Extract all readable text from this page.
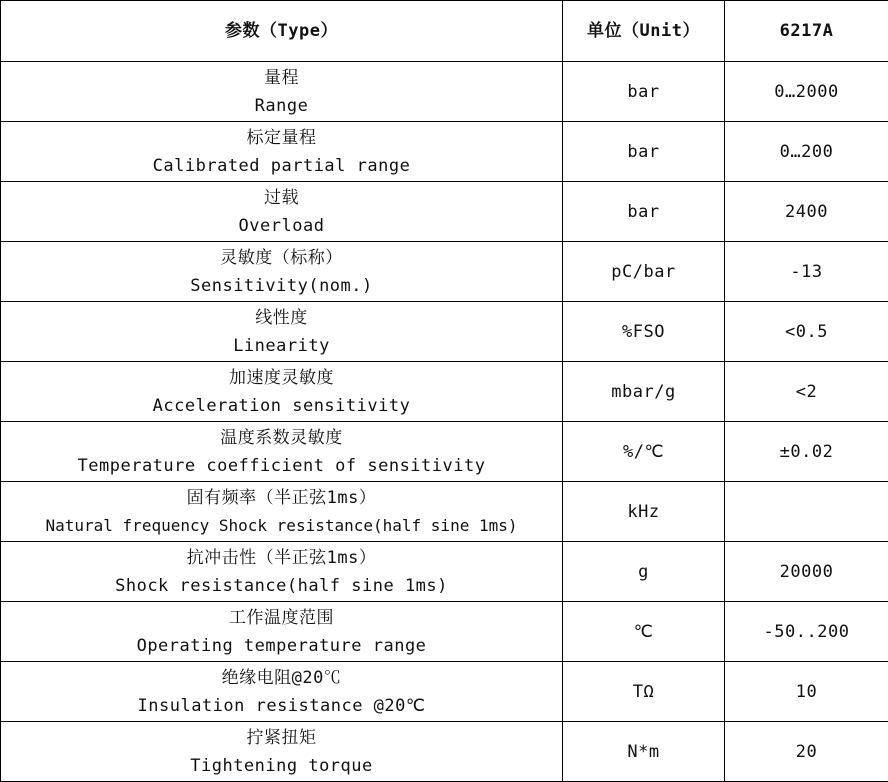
参数（Type）	单位（Unit）	6217A

量程
Range	bar	0…2000

标定量程
Calibrated partial range	bar	0…200

过载
Overload	bar	2400

灵敏度（标称）
Sensitivity(nom.)	pC/bar	-13

线性度
Linearity	%FSO	<0.5

加速度灵敏度
Acceleration sensitivity	mbar/g	<2

温度系数灵敏度
Temperature coefficient of sensitivity	%/℃	±0.02

固有频率（半正弦1ms）
Natural frequency Shock resistance(half sine 1ms)	kHz	

抗冲击性（半正弦1ms）
Shock resistance(half sine 1ms)	g	20000

工作温度范围
Operating temperature range	℃	-50..200

绝缘电阻@20℃
Insulation resistance @20℃	TΩ	10

拧紧扭矩
Tightening torque	N*m	20
